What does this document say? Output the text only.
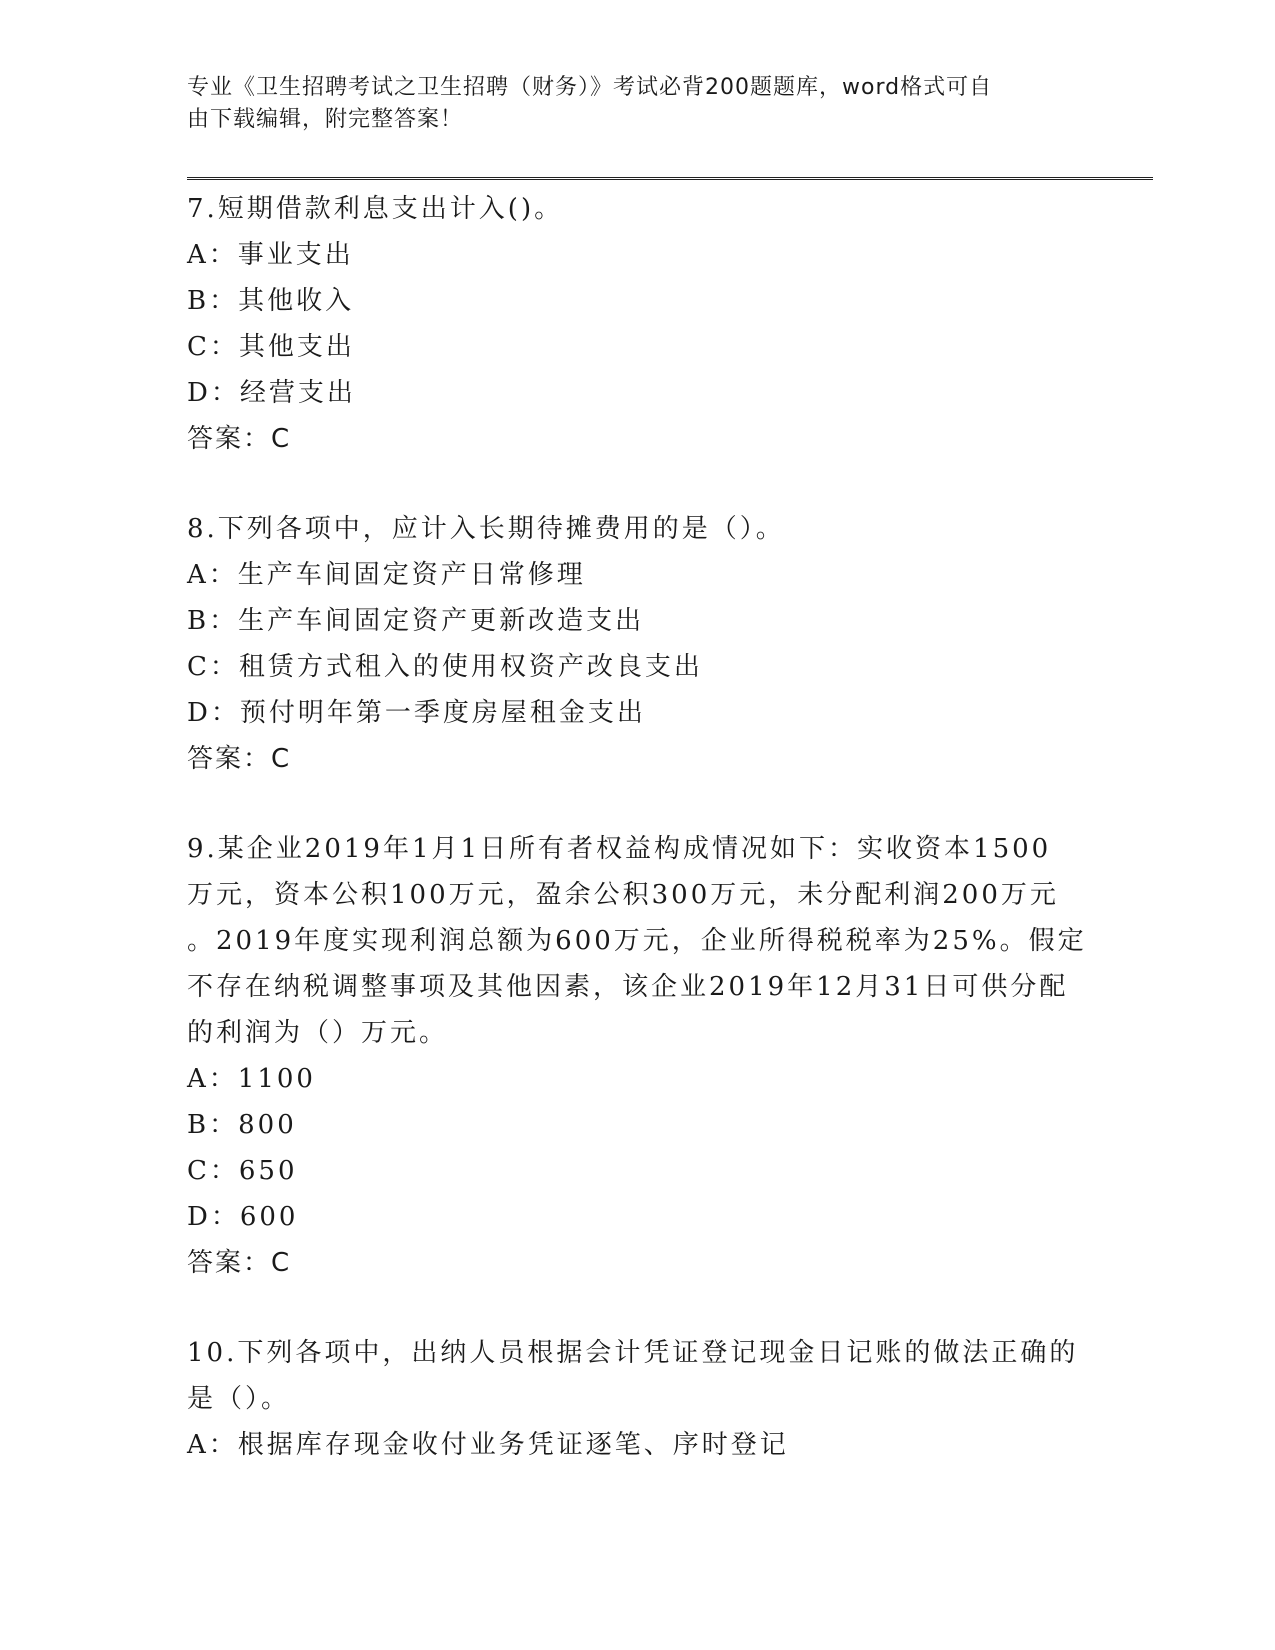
专业《卫生招聘考试之卫生招聘（财务）》考试必背200题题库，word格式可自
由下载编辑，附完整答案！
7.短期借款利息支出计入()。
A：事业支出
B：其他收入
C：其他支出
D：经营支出
答案：C
8.下列各项中，应计入长期待摊费用的是（）。
A：生产车间固定资产日常修理
B：生产车间固定资产更新改造支出
C：租赁方式租入的使用权资产改良支出
D：预付明年第一季度房屋租金支出
答案：C
9.某企业2019年1月1日所有者权益构成情况如下：实收资本1500
万元，资本公积100万元，盈余公积300万元，未分配利润200万元
。2019年度实现利润总额为600万元，企业所得税税率为25%。假定
不存在纳税调整事项及其他因素，该企业2019年12月31日可供分配
的利润为（）万元。
A：1100
B：800
C：650
D：600
答案：C
10.下列各项中，出纳人员根据会计凭证登记现金日记账的做法正确的
是（）。
A：根据库存现金收付业务凭证逐笔、序时登记
